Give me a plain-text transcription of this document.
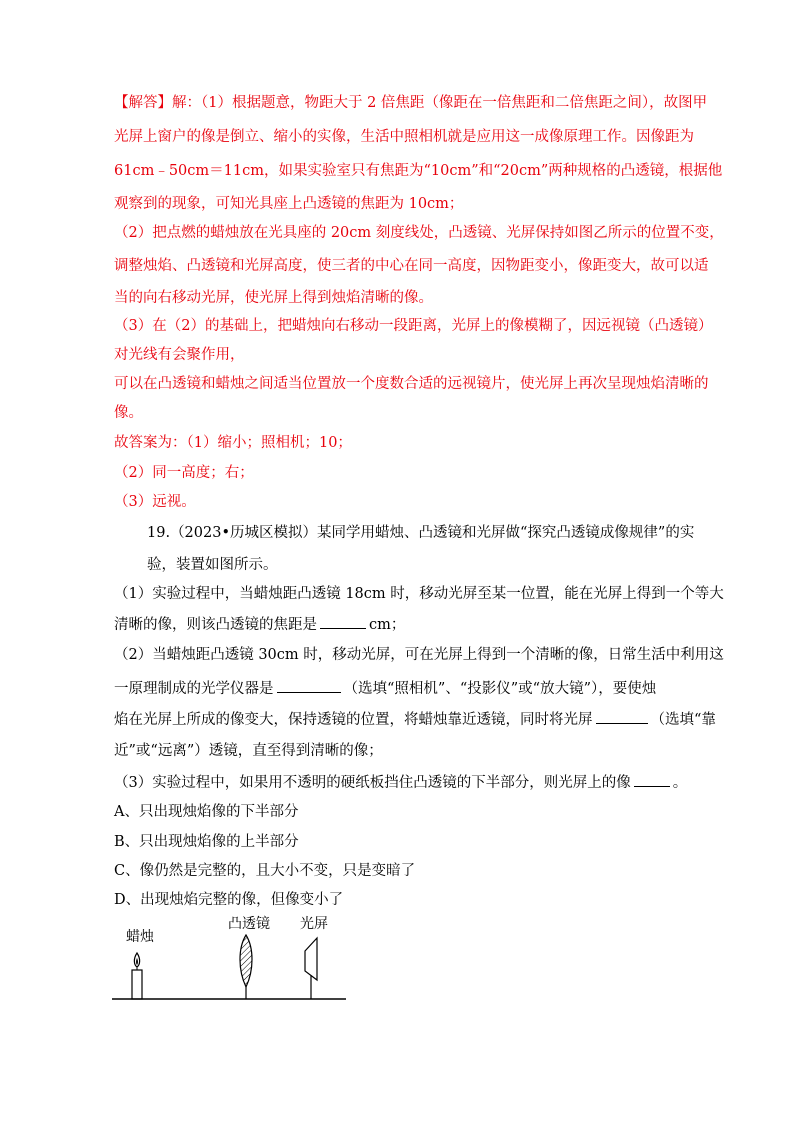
【解答】解：（1）根据题意，物距大于 2 倍焦距（像距在一倍焦距和二倍焦距之间），故图甲
光屏上窗户的像是倒立、缩小的实像，生活中照相机就是应用这一成像原理工作。因像距为
61cm﹣50cm＝11cm，如果实验室只有焦距为“10cm”和“20cm”两种规格的凸透镜，根据他
观察到的现象，可知光具座上凸透镜的焦距为 10cm；
（2）把点燃的蜡烛放在光具座的 20cm 刻度线处，凸透镜、光屏保持如图乙所示的位置不变，
调整烛焰、凸透镜和光屏高度，使三者的中心在同一高度，因物距变小，像距变大，故可以适
当的向右移动光屏，使光屏上得到烛焰清晰的像。
（3）在（2）的基础上，把蜡烛向右移动一段距离，光屏上的像模糊了，因远视镜（凸透镜）
对光线有会聚作用，
可以在凸透镜和蜡烛之间适当位置放一个度数合适的远视镜片，使光屏上再次呈现烛焰清晰的
像。
故答案为：（1）缩小；照相机；10；
（2）同一高度；右；
（3）远视。
19.（2023•历城区模拟）某同学用蜡烛、凸透镜和光屏做“探究凸透镜成像规律”的实
验，装置如图所示。
（1）实验过程中，当蜡烛距凸透镜 18cm 时，移动光屏至某一位置，能在光屏上得到一个等大
清晰的像，则该凸透镜的焦距是	cm；
（2）当蜡烛距凸透镜 30cm 时，移动光屏，可在光屏上得到一个清晰的像，日常生活中利用这
一原理制成的光学仪器是	（选填“照相机”、“投影仪”或“放大镜”），要使烛
焰在光屏上所成的像变大，保持透镜的位置，将蜡烛靠近透镜，同时将光屏	（选填“靠
近”或“远离”）透镜，直至得到清晰的像；
（3）实验过程中，如果用不透明的硬纸板挡住凸透镜的下半部分，则光屏上的像	。
A、只出现烛焰像的下半部分
B、只出现烛焰像的上半部分
C、像仍然是完整的，且大小不变，只是变暗了
D、出现烛焰完整的像，但像变小了
蜡烛
凸透镜 光屏
